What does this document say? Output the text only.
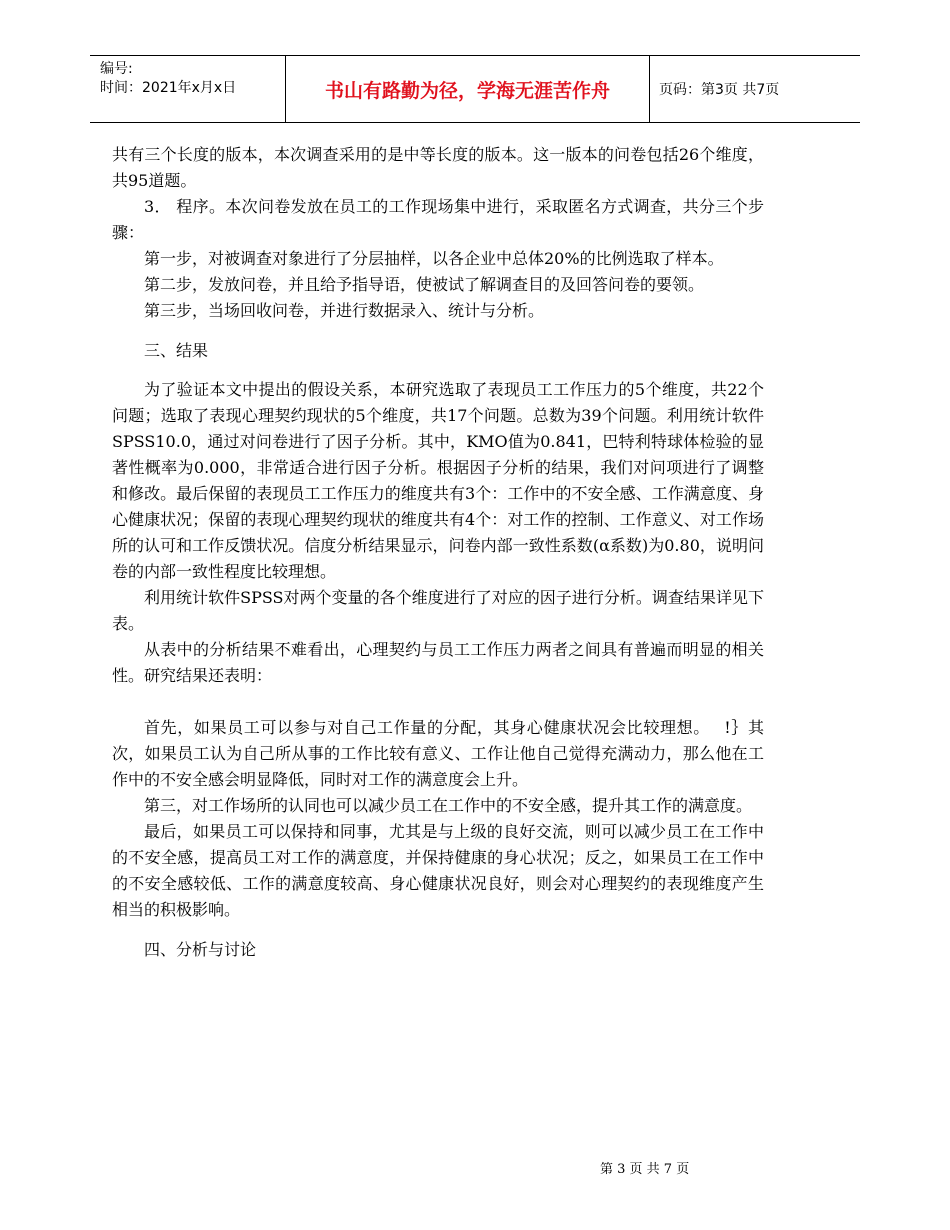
编号:
时间：2021年x月x日	书山有路勤为径，学海无涯苦作舟	页码：第3页 共7页

共有三个长度的版本，本次调查采用的是中等长度的版本。这一版本的问卷包括26个维度，共95道题。

3． 程序。本次问卷发放在员工的工作现场集中进行，采取匿名方式调查，共分三个步骤：

第一步，对被调查对象进行了分层抽样，以各企业中总体20%的比例选取了样本。

第二步，发放问卷，并且给予指导语，使被试了解调查目的及回答问卷的要领。

第三步，当场回收问卷，并进行数据录入、统计与分析。

三、结果

为了验证本文中提出的假设关系，本研究选取了表现员工工作压力的5个维度，共22个问题；选取了表现心理契约现状的5个维度，共17个问题。总数为39个问题。利用统计软件SPSS10.0，通过对问卷进行了因子分析。其中，KMO值为0.841，巴特利特球体检验的显著性概率为0.000，非常适合进行因子分析。根据因子分析的结果，我们对问项进行了调整和修改。最后保留的表现员工工作压力的维度共有3个：工作中的不安全感、工作满意度、身心健康状况；保留的表现心理契约现状的维度共有4个：对工作的控制、工作意义、对工作场所的认可和工作反馈状况。信度分析结果显示，问卷内部一致性系数(α系数)为0.80，说明问卷的内部一致性程度比较理想。

利用统计软件SPSS对两个变量的各个维度进行了对应的因子进行分析。调查结果详见下表。

从表中的分析结果不难看出，心理契约与员工工作压力两者之间具有普遍而明显的相关性。研究结果还表明：

首先，如果员工可以参与对自己工作量的分配，其身心健康状况会比较理想。　 !｝其次，如果员工认为自己所从事的工作比较有意义、工作让他自己觉得充满动力，那么他在工作中的不安全感会明显降低，同时对工作的满意度会上升。

第三，对工作场所的认同也可以减少员工在工作中的不安全感，提升其工作的满意度。

最后，如果员工可以保持和同事，尤其是与上级的良好交流，则可以减少员工在工作中的不安全感，提高员工对工作的满意度，并保持健康的身心状况；反之，如果员工在工作中的不安全感较低、工作的满意度较高、身心健康状况良好，则会对心理契约的表现维度产生相当的积极影响。

四、分析与讨论

第 3 页 共 7 页
